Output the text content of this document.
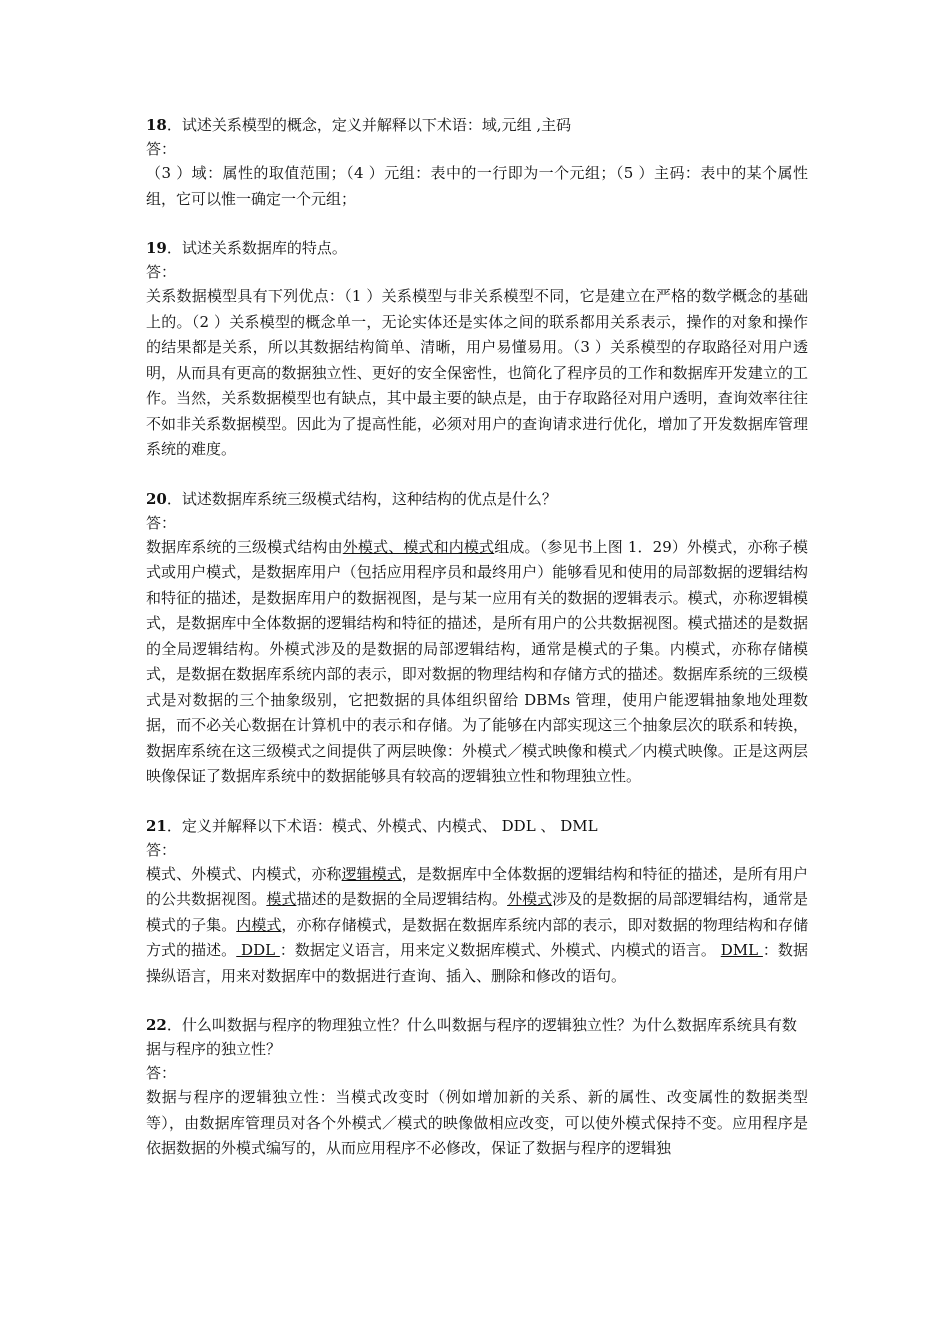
18．试述关系模型的概念，定义并解释以下术语：域,元组 ,主码

答：

（3 ）域：属性的取值范围；（4 ）元组：表中的一行即为一个元组；（5 ）主码：表中的某个属性组，它可以惟一确定一个元组；

19．试述关系数据库的特点。

答：

关系数据模型具有下列优点：（1 ）关系模型与非关系模型不同，它是建立在严格的数学概念的基础上的。（2 ）关系模型的概念单一，无论实体还是实体之间的联系都用关系表示，操作的对象和操作的结果都是关系，所以其数据结构简单、清晰，用户易懂易用。（3 ）关系模型的存取路径对用户透明，从而具有更高的数据独立性、更好的安全保密性，也简化了程序员的工作和数据库开发建立的工作。当然，关系数据模型也有缺点，其中最主要的缺点是，由于存取路径对用户透明，查询效率往往不如非关系数据模型。因此为了提高性能，必须对用户的查询请求进行优化，增加了开发数据库管理系统的难度。

20．试述数据库系统三级模式结构，这种结构的优点是什么？

答：

数据库系统的三级模式结构由外模式、模式和内模式组成。（参见书上图 1．29）外模式，亦称子模式或用户模式，是数据库用户（包括应用程序员和最终用户）能够看见和使用的局部数据的逻辑结构和特征的描述，是数据库用户的数据视图，是与某一应用有关的数据的逻辑表示。模式，亦称逻辑模式，是数据库中全体数据的逻辑结构和特征的描述，是所有用户的公共数据视图。模式描述的是数据的全局逻辑结构。外模式涉及的是数据的局部逻辑结构，通常是模式的子集。内模式，亦称存储模式，是数据在数据库系统内部的表示，即对数据的物理结构和存储方式的描述。数据库系统的三级模式是对数据的三个抽象级别，它把数据的具体组织留给 DBMs 管理，使用户能逻辑抽象地处理数据，而不必关心数据在计算机中的表示和存储。为了能够在内部实现这三个抽象层次的联系和转换，数据库系统在这三级模式之间提供了两层映像：外模式／模式映像和模式／内模式映像。正是这两层映像保证了数据库系统中的数据能够具有较高的逻辑独立性和物理独立性。

21．定义并解释以下术语：模式、外模式、内模式、 DDL 、 DML

答：

模式、外模式、内模式，亦称逻辑模式，是数据库中全体数据的逻辑结构和特征的描述，是所有用户的公共数据视图。模式描述的是数据的全局逻辑结构。外模式涉及的是数据的局部逻辑结构，通常是模式的子集。内模式，亦称存储模式，是数据在数据库系统内部的表示，即对数据的物理结构和存储方式的描述。 DDL ：数据定义语言，用来定义数据库模式、外模式、内模式的语言。 DML ：数据操纵语言，用来对数据库中的数据进行查询、插入、删除和修改的语句。

22．什么叫数据与程序的物理独立性？什么叫数据与程序的逻辑独立性？为什么数据库系统具有数据与程序的独立性？

答：

数据与程序的逻辑独立性：当模式改变时（例如增加新的关系、新的属性、改变属性的数据类型等），由数据库管理员对各个外模式／模式的映像做相应改变，可以使外模式保持不变。应用程序是依据数据的外模式编写的，从而应用程序不必修改，保证了数据与程序的逻辑独
